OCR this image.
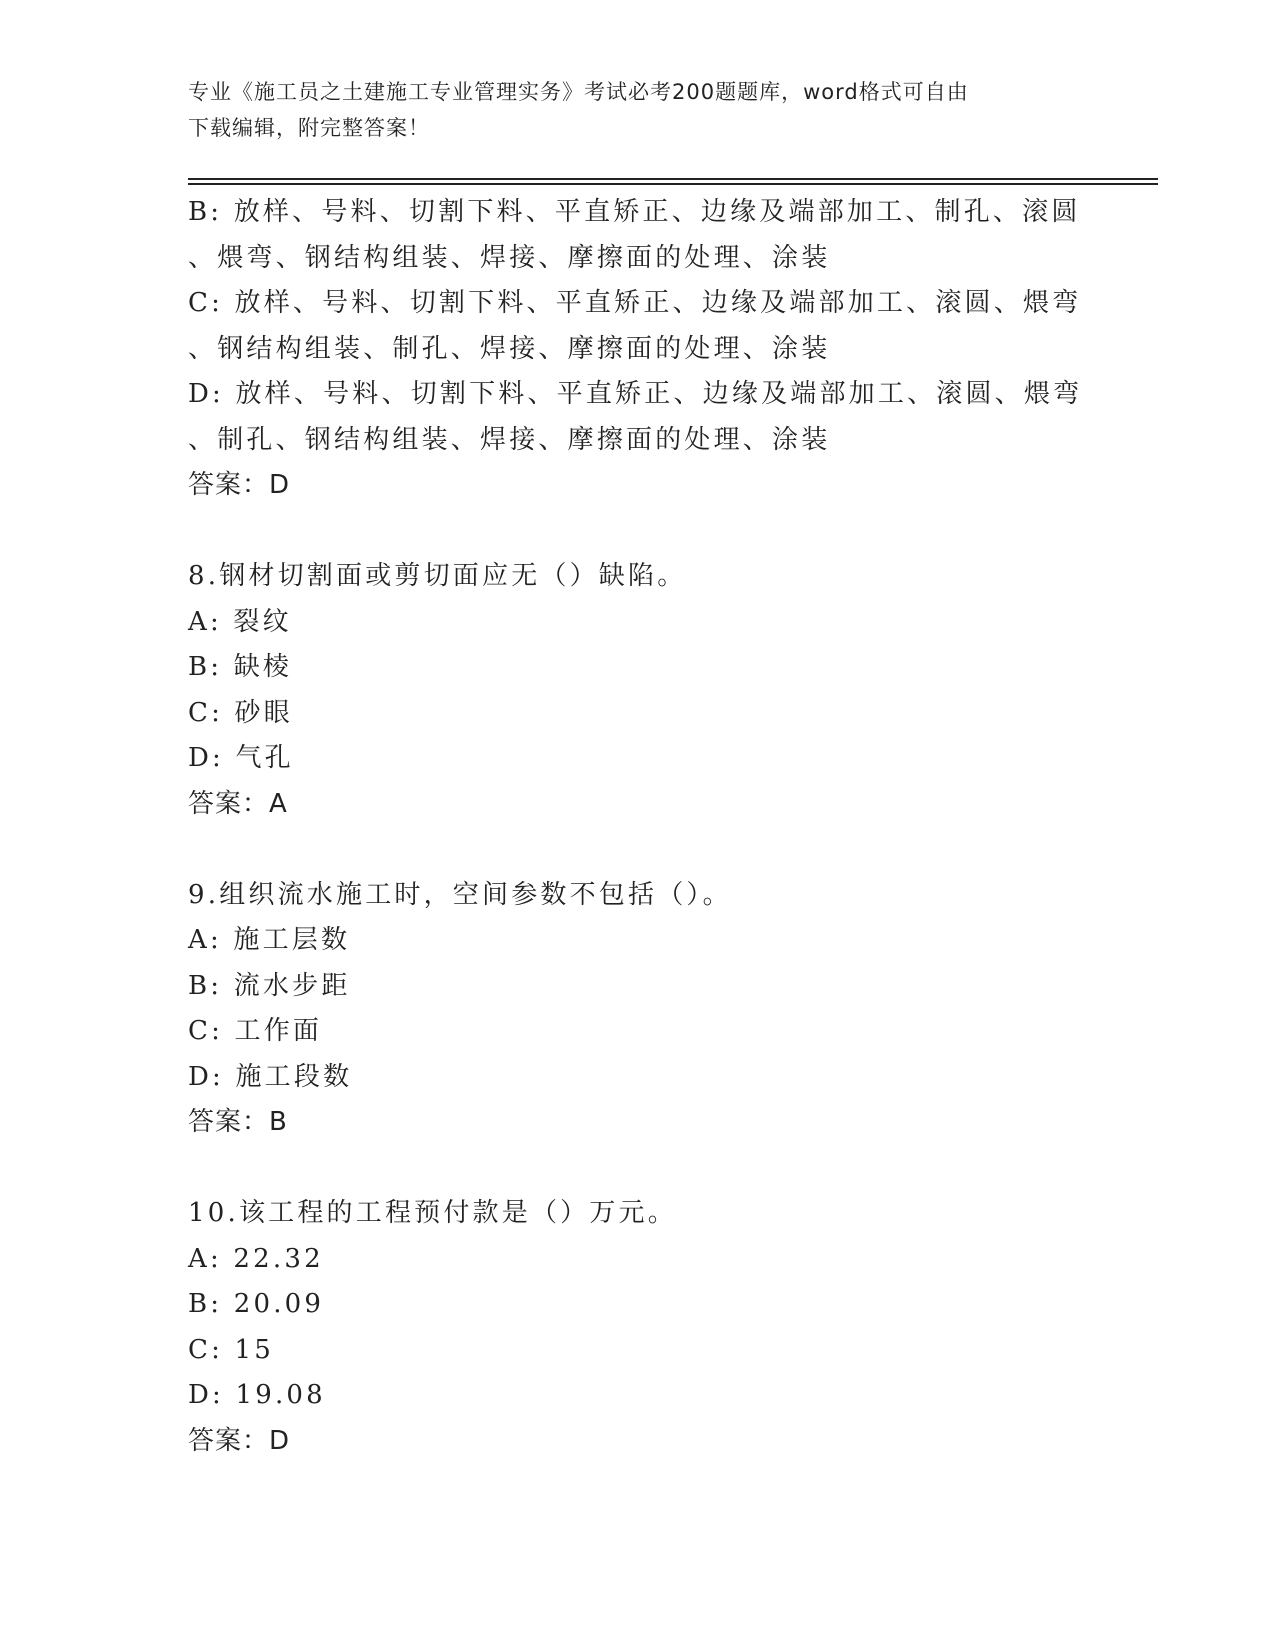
专业《施工员之土建施工专业管理实务》考试必考200题题库，word格式可自由
下载编辑，附完整答案！
B: 放样、号料、切割下料、平直矫正、边缘及端部加工、制孔、滚圆
、煨弯、钢结构组装、焊接、摩擦面的处理、涂装
C: 放样、号料、切割下料、平直矫正、边缘及端部加工、滚圆、煨弯
、钢结构组装、制孔、焊接、摩擦面的处理、涂装
D: 放样、号料、切割下料、平直矫正、边缘及端部加工、滚圆、煨弯
、制孔、钢结构组装、焊接、摩擦面的处理、涂装
答案：D
8.钢材切割面或剪切面应无（）缺陷。
A: 裂纹
B: 缺棱
C: 砂眼
D: 气孔
答案：A
9.组织流水施工时，空间参数不包括（）。
A: 施工层数
B: 流水步距
C: 工作面
D: 施工段数
答案：B
10.该工程的工程预付款是（）万元。
A: 22.32
B: 20.09
C: 15
D: 19.08
答案：D
